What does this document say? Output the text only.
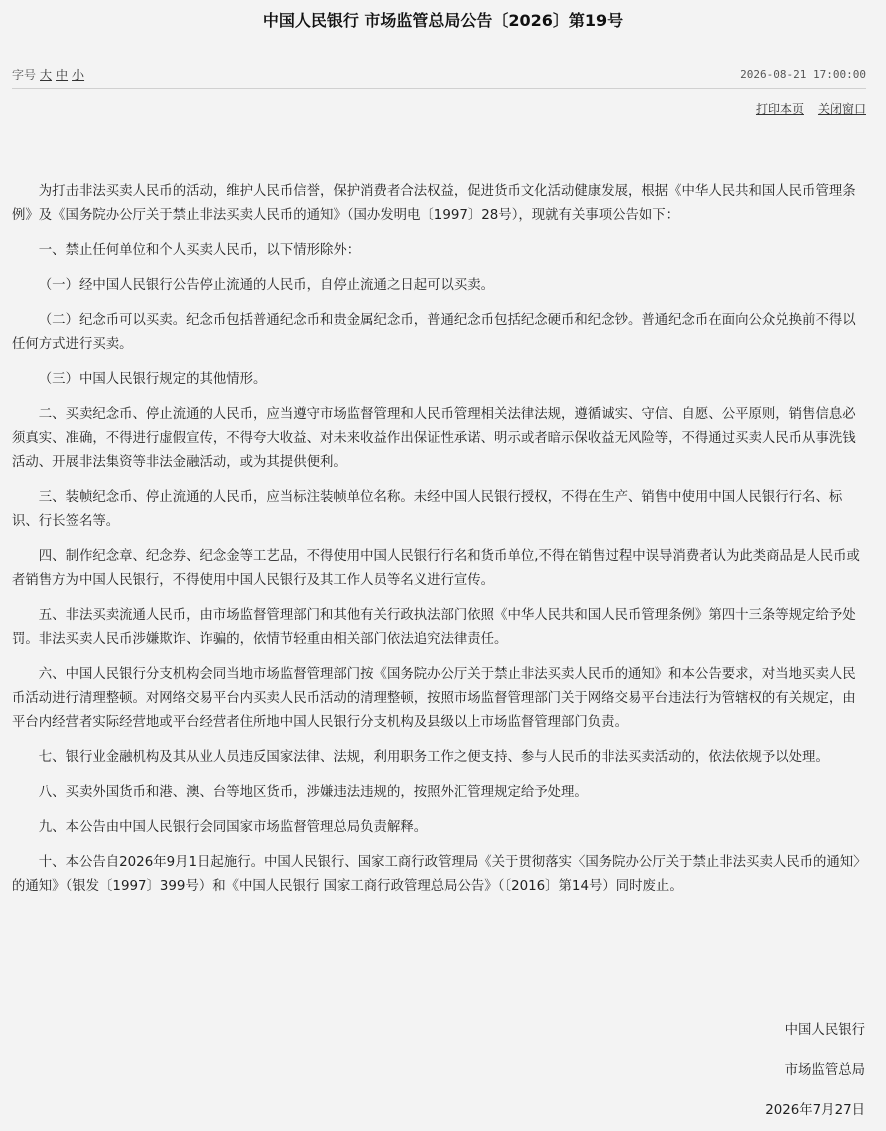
中国人民银行 市场监管总局公告〔2026〕第19号
字号 大 中 小	2026-08-21 17:00:00
打印本页 关闭窗口

为打击非法买卖人民币的活动，维护人民币信誉，保护消费者合法权益，促进货币文化活动健康发展，根据《中华人民共和国人民币管理条例》及《国务院办公厅关于禁止非法买卖人民币的通知》（国办发明电〔1997〕28号），现就有关事项公告如下：

一、禁止任何单位和个人买卖人民币，以下情形除外：

（一）经中国人民银行公告停止流通的人民币，自停止流通之日起可以买卖。

（二）纪念币可以买卖。纪念币包括普通纪念币和贵金属纪念币，普通纪念币包括纪念硬币和纪念钞。普通纪念币在面向公众兑换前不得以任何方式进行买卖。

（三）中国人民银行规定的其他情形。

二、买卖纪念币、停止流通的人民币，应当遵守市场监督管理和人民币管理相关法律法规，遵循诚实、守信、自愿、公平原则，销售信息必须真实、准确，不得进行虚假宣传，不得夸大收益、对未来收益作出保证性承诺、明示或者暗示保收益无风险等，不得通过买卖人民币从事洗钱活动、开展非法集资等非法金融活动，或为其提供便利。

三、装帧纪念币、停止流通的人民币，应当标注装帧单位名称。未经中国人民银行授权，不得在生产、销售中使用中国人民银行行名、标识、行长签名等。

四、制作纪念章、纪念券、纪念金等工艺品，不得使用中国人民银行行名和货币单位,不得在销售过程中误导消费者认为此类商品是人民币或者销售方为中国人民银行，不得使用中国人民银行及其工作人员等名义进行宣传。

五、非法买卖流通人民币，由市场监督管理部门和其他有关行政执法部门依照《中华人民共和国人民币管理条例》第四十三条等规定给予处罚。非法买卖人民币涉嫌欺诈、诈骗的，依情节轻重由相关部门依法追究法律责任。

六、中国人民银行分支机构会同当地市场监督管理部门按《国务院办公厅关于禁止非法买卖人民币的通知》和本公告要求，对当地买卖人民币活动进行清理整顿。对网络交易平台内买卖人民币活动的清理整顿，按照市场监督管理部门关于网络交易平台违法行为管辖权的有关规定，由平台内经营者实际经营地或平台经营者住所地中国人民银行分支机构及县级以上市场监督管理部门负责。

七、银行业金融机构及其从业人员违反国家法律、法规，利用职务工作之便支持、参与人民币的非法买卖活动的，依法依规予以处理。

八、买卖外国货币和港、澳、台等地区货币，涉嫌违法违规的，按照外汇管理规定给予处理。

九、本公告由中国人民银行会同国家市场监督管理总局负责解释。

十、本公告自2026年9月1日起施行。中国人民银行、国家工商行政管理局《关于贯彻落实〈国务院办公厅关于禁止非法买卖人民币的通知〉的通知》（银发〔1997〕399号）和《中国人民银行 国家工商行政管理总局公告》（〔2016〕第14号）同时废止。

中国人民银行
市场监管总局
2026年7月27日
